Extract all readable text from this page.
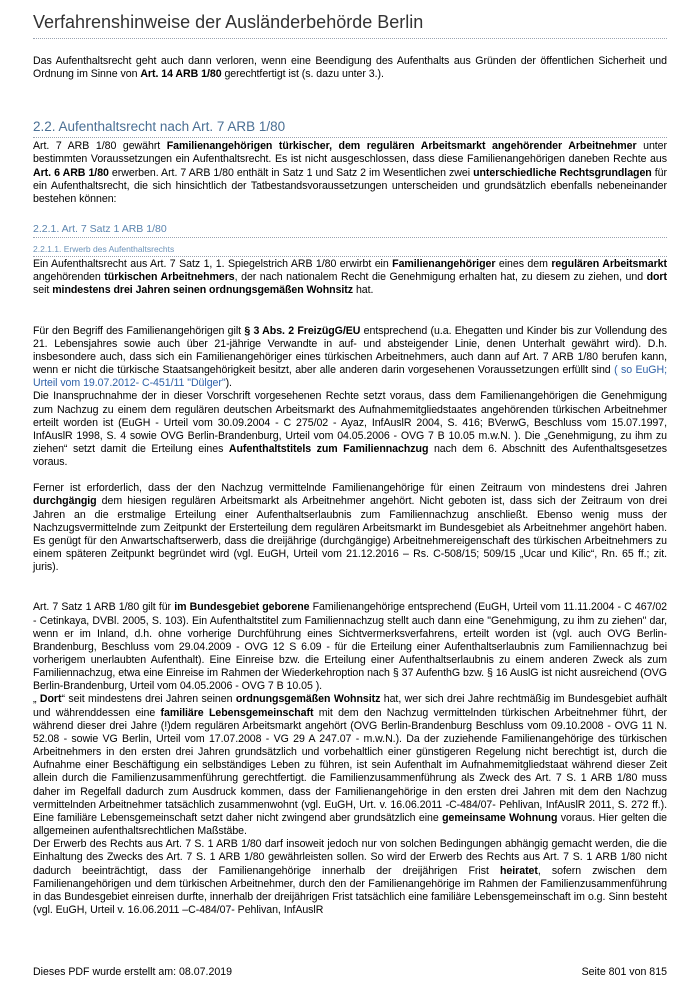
Verfahrenshinweise der Ausländerbehörde Berlin

Das Aufenthaltsrecht geht auch dann verloren, wenn eine Beendigung des Aufenthalts aus Gründen der öffentlichen Sicherheit und Ordnung im Sinne von Art. 14 ARB 1/80 gerechtfertigt ist (s. dazu unter 3.).

2.2. Aufenthaltsrecht nach Art. 7 ARB 1/80

Art. 7 ARB 1/80 gewährt Familienangehörigen türkischer, dem regulären Arbeitsmarkt angehörender Arbeitnehmer unter bestimmten Voraussetzungen ein Aufenthaltsrecht. Es ist nicht ausgeschlossen, dass diese Familienangehörigen daneben Rechte aus Art. 6 ARB 1/80 erwerben. Art. 7 ARB 1/80 enthält in Satz 1 und Satz 2 im Wesentlichen zwei unterschiedliche Rechtsgrundlagen für ein Aufenthaltsrecht, die sich hinsichtlich der Tatbestandsvoraussetzungen unterscheiden und grundsätzlich ebenfalls nebeneinander bestehen können:

2.2.1. Art. 7 Satz 1 ARB 1/80
2.2.1.1. Erwerb des Aufenthaltsrechts

Ein Aufenthaltsrecht aus Art. 7 Satz 1, 1. Spiegelstrich ARB 1/80 erwirbt ein Familienangehöriger eines dem regulären Arbeitsmarkt angehörenden türkischen Arbeitnehmers, der nach nationalem Recht die Genehmigung erhalten hat, zu diesem zu ziehen, und dort seit mindestens drei Jahren seinen ordnungsgemäßen Wohnsitz hat.

Für den Begriff des Familienangehörigen gilt § 3 Abs. 2 FreizügG/EU entsprechend (u.a. Ehegatten und Kinder bis zur Vollendung des 21. Lebensjahres sowie auch über 21-jährige Verwandte in auf- und absteigender Linie, denen Unterhalt gewährt wird). D.h. insbesondere auch, dass sich ein Familienangehöriger eines türkischen Arbeitnehmers, auch dann auf Art. 7 ARB 1/80 berufen kann, wenn er nicht die türkische Staatsangehörigkeit besitzt, aber alle anderen darin vorgesehenen Voraussetzungen erfüllt sind ( so EuGH; Urteil vom 19.07.2012- C-451/11 "Dülger").

Die Inanspruchnahme der in dieser Vorschrift vorgesehenen Rechte setzt voraus, dass dem Familienangehörigen die Genehmigung zum Nachzug zu einem dem regulären deutschen Arbeitsmarkt des Aufnahmemitgliedstaates angehörenden türkischen Arbeitnehmer erteilt worden ist (EuGH - Urteil vom 30.09.2004 - C 275/02 - Ayaz, InfAuslR 2004, S. 416; BVerwG, Beschluss vom 15.07.1997, InfAuslR 1998, S. 4 sowie OVG Berlin-Brandenburg, Urteil vom 04.05.2006 - OVG 7 B 10.05 m.w.N. ). Die „Genehmigung, zu ihm zu ziehen“ setzt damit die Erteilung eines Aufenthaltstitels zum Familiennachzug nach dem 6. Abschnitt des Aufenthaltsgesetzes voraus.

Ferner ist erforderlich, dass der den Nachzug vermittelnde Familienangehörige für einen Zeitraum von mindestens drei Jahren durchgängig dem hiesigen regulären Arbeitsmarkt als Arbeitnehmer angehört. Nicht geboten ist, dass sich der Zeitraum von drei Jahren an die erstmalige Erteilung einer Aufenthaltserlaubnis zum Familiennachzug anschließt. Ebenso wenig muss der Nachzugsvermittelnde zum Zeitpunkt der Ersterteilung dem regulären Arbeitsmarkt im Bundesgebiet als Arbeitnehmer angehört haben. Es genügt für den Anwartschaftserwerb, dass die dreijährige (durchgängige) Arbeitnehmereigenschaft des türkischen Arbeitnehmers zu einem späteren Zeitpunkt begründet wird (vgl. EuGH, Urteil vom 21.12.2016 – Rs. C-508/15; 509/15 „Ucar und Kilic“, Rn. 65 ff.; zit. juris).

Art. 7 Satz 1 ARB 1/80 gilt für im Bundesgebiet geborene Familienangehörige entsprechend (EuGH, Urteil vom 11.11.2004 - C 467/02 - Cetinkaya, DVBl. 2005, S. 103). Ein Aufenthaltstitel zum Familiennachzug stellt auch dann eine "Genehmigung, zu ihm zu ziehen" dar, wenn er im Inland, d.h. ohne vorherige Durchführung eines Sichtvermerksverfahrens, erteilt worden ist (vgl. auch OVG Berlin-Brandenburg, Beschluss vom 29.04.2009 - OVG 12 S 6.09 - für die Erteilung einer Aufenthaltserlaubnis zum Familiennachzug bei vorherigem unerlaubten Aufenthalt). Eine Einreise bzw. die Erteilung einer Aufenthaltserlaubnis zu einem anderen Zweck als zum Familiennachzug, etwa eine Einreise im Rahmen der Wiederkehroption nach § 37 AufenthG bzw. § 16 AuslG ist nicht ausreichend (OVG Berlin-Brandenburg, Urteil vom 04.05.2006 - OVG 7 B 10.05 ).

„ Dort“ seit mindestens drei Jahren seinen ordnungsgemäßen Wohnsitz hat, wer sich drei Jahre rechtmäßig im Bundesgebiet aufhält und währenddessen eine familiäre Lebensgemeinschaft mit dem den Nachzug vermittelnden türkischen Arbeitnehmer führt, der während dieser drei Jahre (!)dem regulären Arbeitsmarkt angehört (OVG Berlin-Brandenburg Beschluss vom 09.10.2008 - OVG 11 N. 52.08 - sowie VG Berlin, Urteil vom 17.07.2008 - VG 29 A 247.07 - m.w.N.). Da der zuziehende Familienangehörige des türkischen Arbeitnehmers in den ersten drei Jahren grundsätzlich und vorbehaltlich einer günstigeren Regelung nicht berechtigt ist, durch die Aufnahme einer Beschäftigung ein selbständiges Leben zu führen, ist sein Aufenthalt im Aufnahmemitgliedstaat während dieser Zeit allein durch die Familienzusammenführung gerechtfertigt. die Familienzusammenführung als Zweck des Art. 7 S. 1 ARB 1/80 muss daher im Regelfall dadurch zum Ausdruck kommen, dass der Familienangehörige in den ersten drei Jahren mit dem den Nachzug vermittelnden Arbeitnehmer tatsächlich zusammenwohnt (vgl. EuGH, Urt. v. 16.06.2011 -C-484/07- Pehlivan, InfAuslR 2011, S. 272 ff.). Eine familiäre Lebensgemeinschaft setzt daher nicht zwingend aber grundsätzlich eine gemeinsame Wohnung voraus. Hier gelten die allgemeinen aufenthaltsrechtlichen Maßstäbe.

Der Erwerb des Rechts aus Art. 7 S. 1 ARB 1/80 darf insoweit jedoch nur von solchen Bedingungen abhängig gemacht werden, die die Einhaltung des Zwecks des Art. 7 S. 1 ARB 1/80 gewährleisten sollen. So wird der Erwerb des Rechts aus Art. 7 S. 1 ARB 1/80 nicht dadurch beeinträchtigt, dass der Familienangehörige innerhalb der dreijährigen Frist heiratet, sofern zwischen dem Familienangehörigen und dem türkischen Arbeitnehmer, durch den der Familienangehörige im Rahmen der Familienzusammenführung in das Bundesgebiet einreisen durfte, innerhalb der dreijährigen Frist tatsächlich eine familiäre Lebensgemeinschaft im o.g. Sinn besteht (vgl. EuGH, Urteil v. 16.06.2011 –C-484/07- Pehlivan, InfAuslR

Dieses PDF wurde erstellt am: 08.07.2019	Seite 801 von 815
